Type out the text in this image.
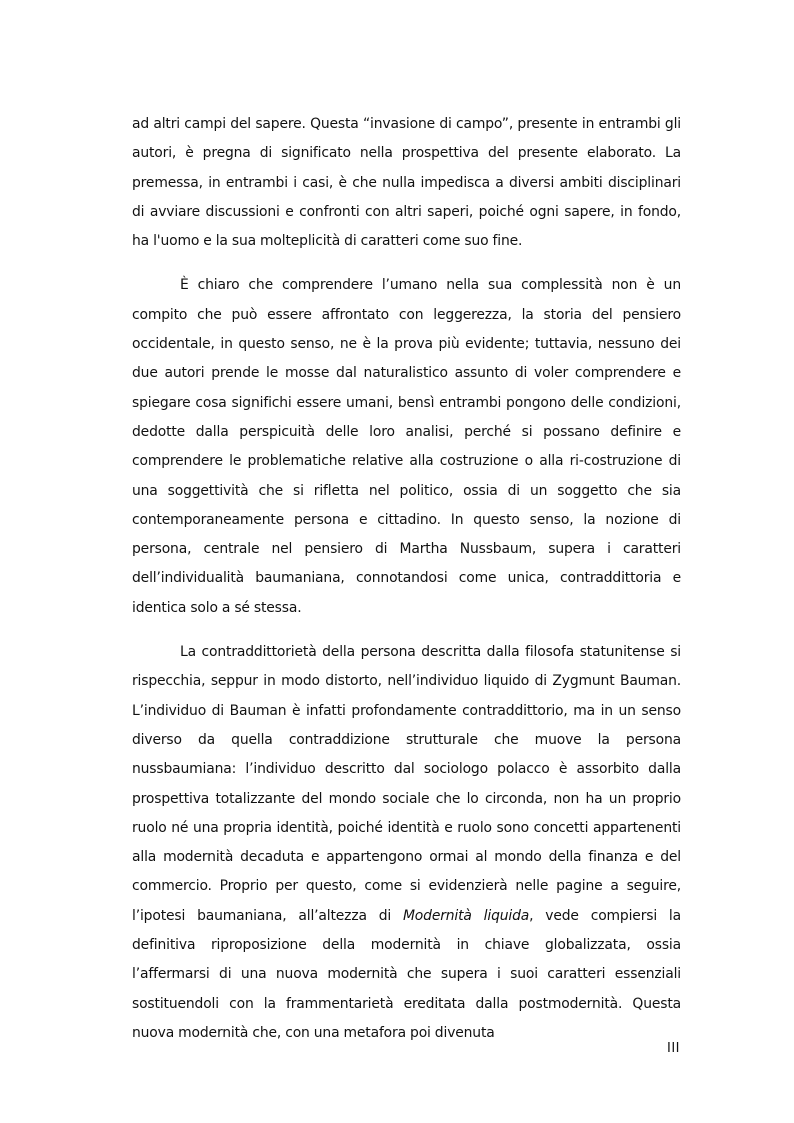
ad altri campi del sapere. Questa “invasione di campo”, presente in entrambi gli autori, è pregna di significato nella prospettiva del presente elaborato. La premessa, in entrambi i casi, è che nulla impedisca a diversi ambiti disciplinari di avviare discussioni e confronti con altri saperi, poiché ogni sapere, in fondo, ha l'uomo e la sua molteplicità di caratteri come suo fine.

È chiaro che comprendere l’umano nella sua complessità non è un compito che può essere affrontato con leggerezza, la storia del pensiero occidentale, in questo senso, ne è la prova più evidente; tuttavia, nessuno dei due autori prende le mosse dal naturalistico assunto di voler comprendere e spiegare cosa significhi essere umani, bensì entrambi pongono delle condizioni, dedotte dalla perspicuità delle loro analisi, perché si possano definire e comprendere le problematiche relative alla costruzione o alla ri-costruzione di una soggettività che si rifletta nel politico, ossia di un soggetto che sia contemporaneamente persona e cittadino. In questo senso, la nozione di persona, centrale nel pensiero di Martha Nussbaum, supera i caratteri dell’individualità baumaniana, connotandosi come unica, contraddittoria e identica solo a sé stessa.

La contraddittorietà della persona descritta dalla filosofa statunitense si rispecchia, seppur in modo distorto, nell’individuo liquido di Zygmunt Bauman. L’individuo di Bauman è infatti profondamente contraddittorio, ma in un senso diverso da quella contraddizione strutturale che muove la persona nussbaumiana: l’individuo descritto dal sociologo polacco è assorbito dalla prospettiva totalizzante del mondo sociale che lo circonda, non ha un proprio ruolo né una propria identità, poiché identità e ruolo sono concetti appartenenti alla modernità decaduta e appartengono ormai al mondo della finanza e del commercio. Proprio per questo, come si evidenzierà nelle pagine a seguire, l’ipotesi baumaniana, all’altezza di Modernità liquida, vede compiersi la definitiva riproposizione della modernità in chiave globalizzata, ossia l’affermarsi di una nuova modernità che supera i suoi caratteri essenziali sostituendoli con la frammentarietà ereditata dalla postmodernità. Questa nuova modernità che, con una metafora poi divenuta

III
